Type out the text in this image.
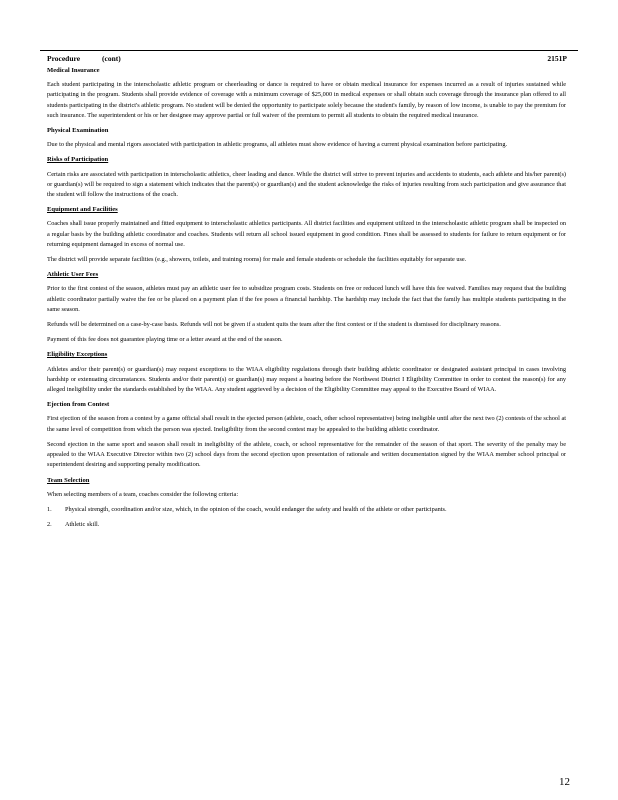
Procedure	(cont)	2151P
Medical Insurance

Each student participating in the interscholastic athletic program or cheerleading or dance is required to have or obtain medical insurance for expenses incurred as a result of injuries sustained while participating in the program. Students shall provide evidence of coverage with a minimum coverage of $25,000 in medical expenses or shall obtain such coverage through the insurance plan offered to all students participating in the district's athletic program. No student will be denied the opportunity to participate solely because the student's family, by reason of low income, is unable to pay the premium for such insurance. The superintendent or his or her designee may approve partial or full waiver of the premium to permit all students to obtain the required medical insurance.

Physical Examination

Due to the physical and mental rigors associated with participation in athletic programs, all athletes must show evidence of having a current physical examination before participating.

Risks of Participation

Certain risks are associated with participation in interscholastic athletics, cheer leading and dance. While the district will strive to prevent injuries and accidents to students, each athlete and his/her parent(s) or guardian(s) will be required to sign a statement which indicates that the parent(s) or guardian(s) and the student acknowledge the risks of injuries resulting from such participation and give assurance that the student will follow the instructions of the coach.

Equipment and Facilities

Coaches shall issue properly maintained and fitted equipment to interscholastic athletics participants. All district facilities and equipment utilized in the interscholastic athletic program shall be inspected on a regular basis by the building athletic coordinator and coaches. Students will return all school issued equipment in good condition. Fines shall be assessed to students for failure to return equipment or for returning equipment damaged in excess of normal use.

The district will provide separate facilities (e.g., showers, toilets, and training rooms) for male and female students or schedule the facilities equitably for separate use.

Athletic User Fees

Prior to the first contest of the season, athletes must pay an athletic user fee to subsidize program costs. Students on free or reduced lunch will have this fee waived. Families may request that the building athletic coordinator partially waive the fee or be placed on a payment plan if the fee poses a financial hardship. The hardship may include the fact that the family has multiple students participating in the same season.

Refunds will be determined on a case-by-case basis. Refunds will not be given if a student quits the team after the first contest or if the student is dismissed for disciplinary reasons.

Payment of this fee does not guarantee playing time or a letter award at the end of the season.

Eligibility Exceptions

Athletes and/or their parent(s) or guardian(s) may request exceptions to the WIAA eligibility regulations through their building athletic coordinator or designated assistant principal in cases involving hardship or extenuating circumstances. Students and/or their parent(s) or guardian(s) may request a hearing before the Northwest District I Eligibility Committee in order to contest the reason(s) for any alleged ineligibility under the standards established by the WIAA. Any student aggrieved by a decision of the Eligibility Committee may appeal to the Executive Board of WIAA.

Ejection from Contest

First ejection of the season from a contest by a game official shall result in the ejected person (athlete, coach, other school representative) being ineligible until after the next two (2) contests of the school at the same level of competition from which the person was ejected. Ineligibility from the second contest may be appealed to the building athletic coordinator.

Second ejection in the same sport and season shall result in ineligibility of the athlete, coach, or school representative for the remainder of the season of that sport. The severity of the penalty may be appealed to the WIAA Executive Director within two (2) school days from the second ejection upon presentation of rationale and written documentation signed by the WIAA member school principal or superintendent desiring and supporting penalty modification.

Team Selection

When selecting members of a team, coaches consider the following criteria:

1.	Physical strength, coordination and/or size, which, in the opinion of the coach, would endanger the safety and health of the athlete or other participants.
2.	Athletic skill.
12
